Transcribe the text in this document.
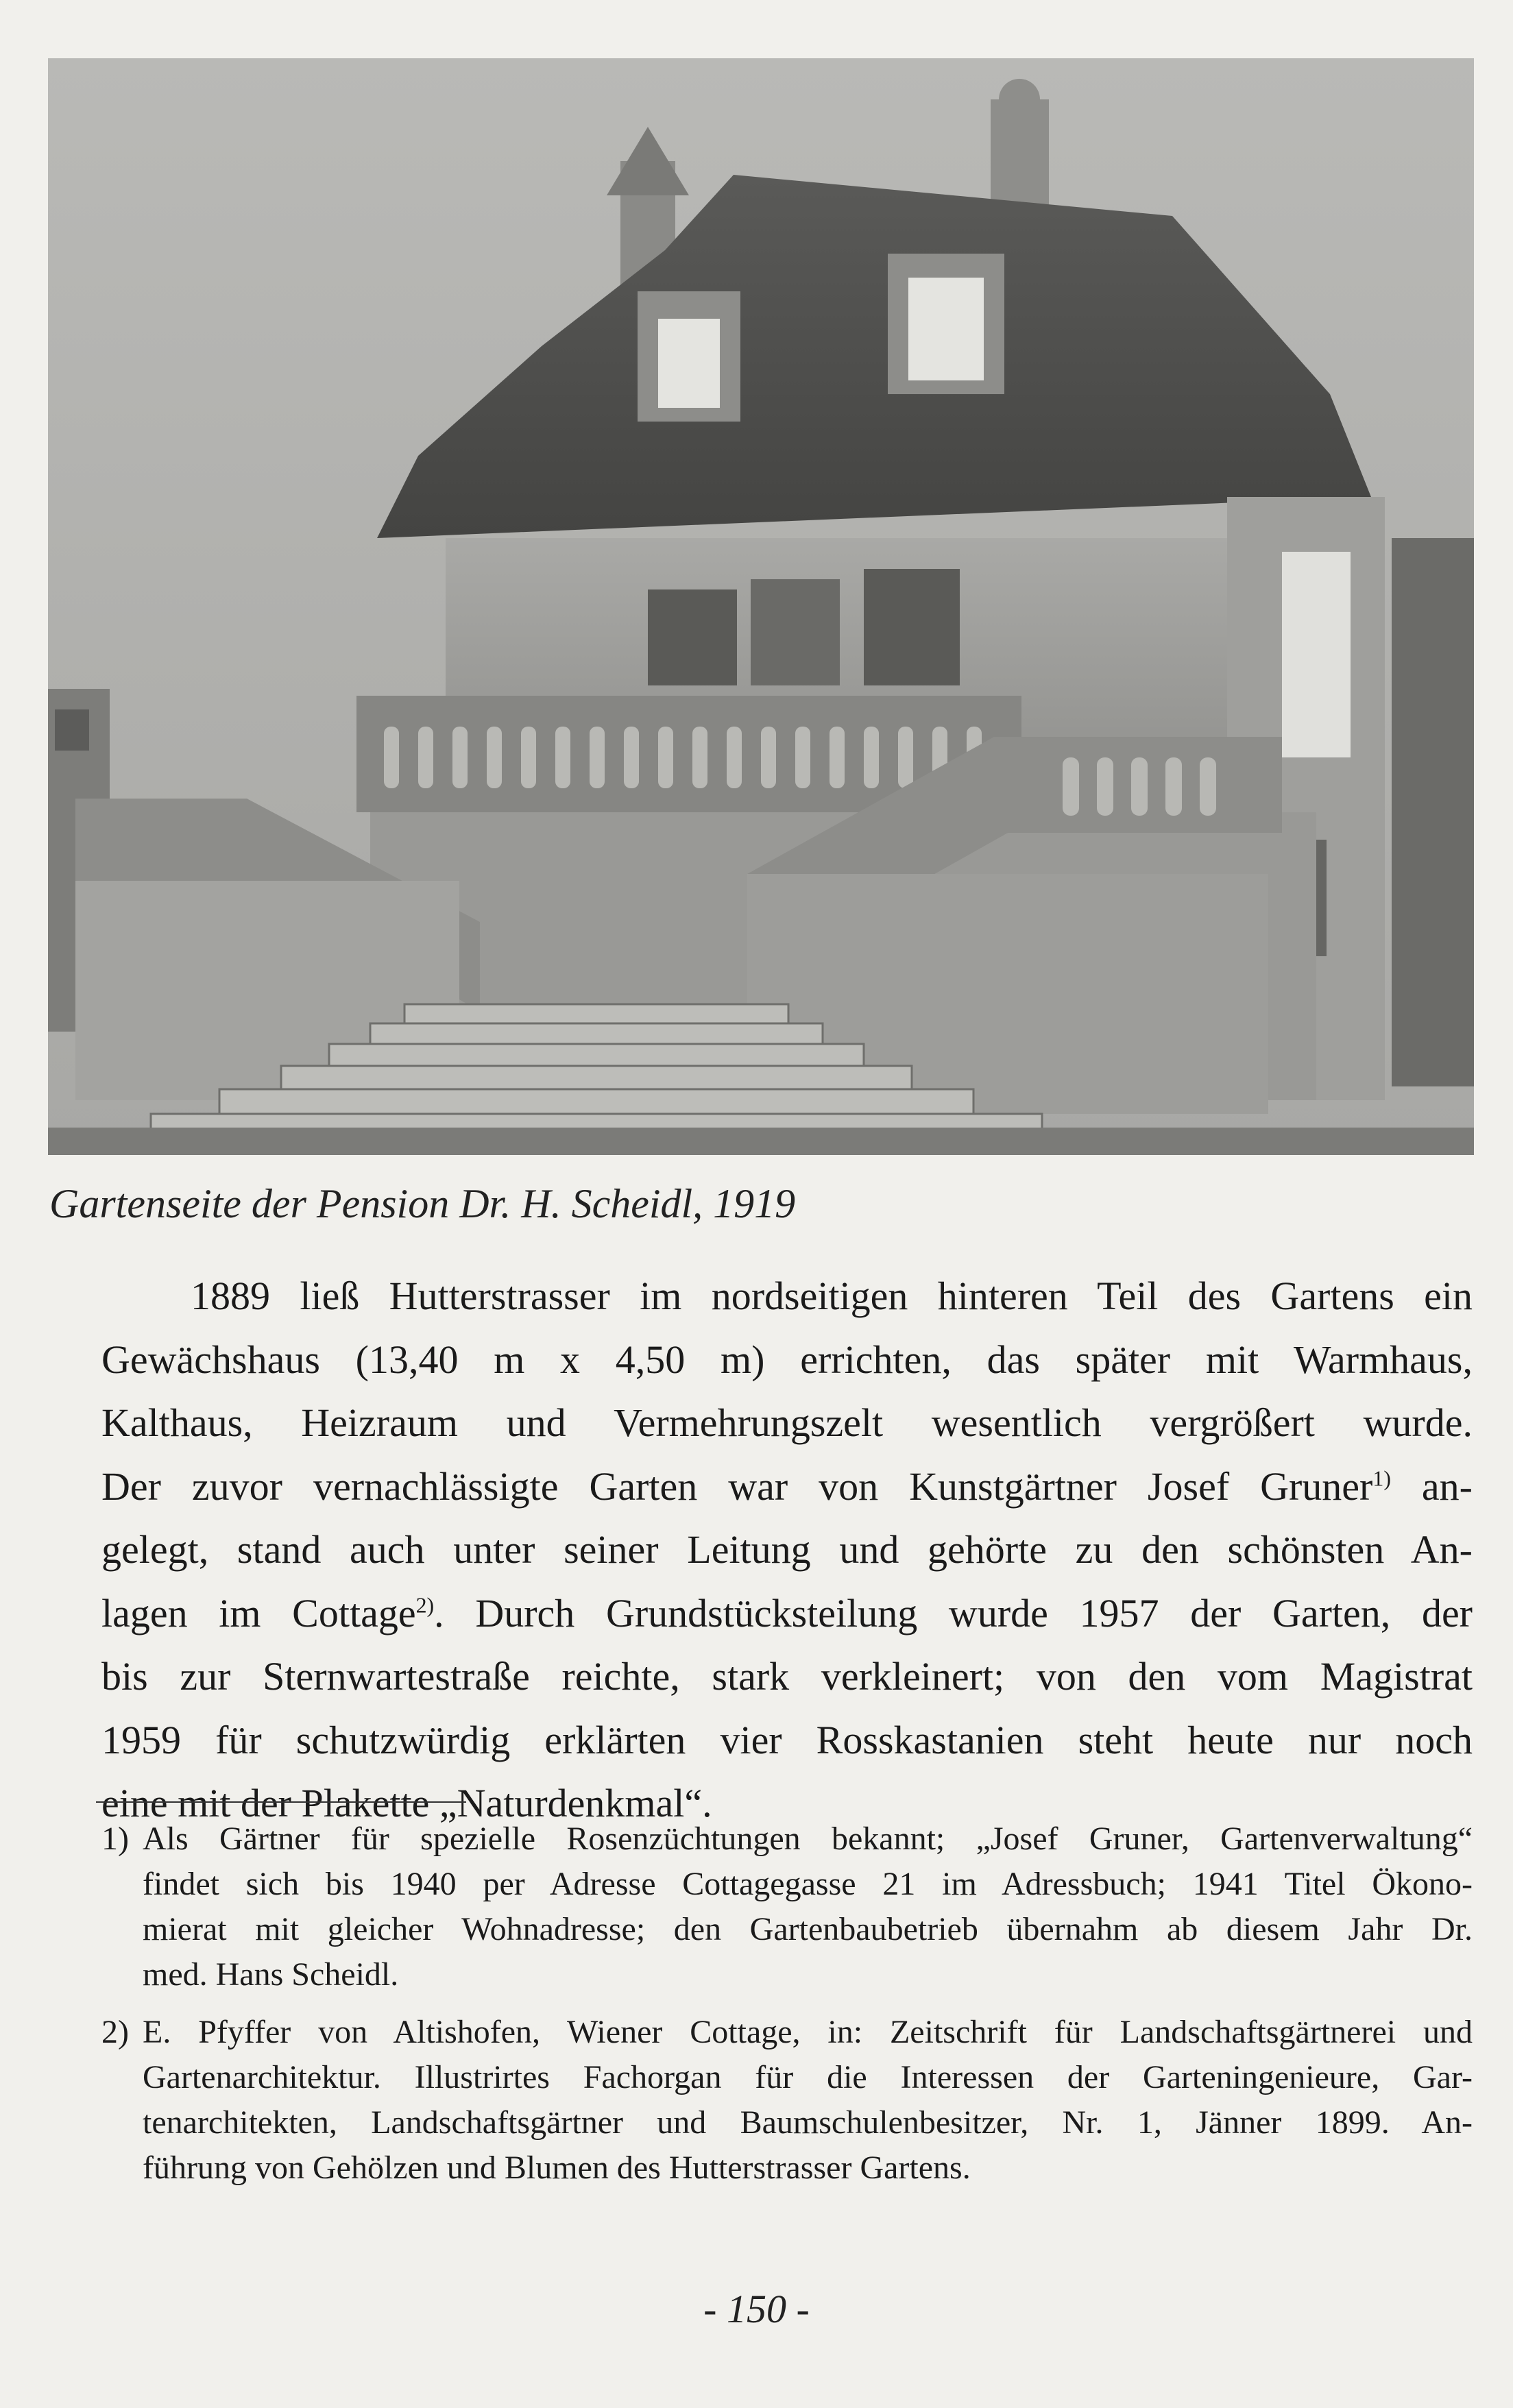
Gartenseite der Pension Dr. H. Scheidl, 1919
1889 ließ Hutterstrasser im nordseitigen hinteren Teil des Gartens ein
Gewächshaus (13,40 m x 4,50 m) errichten, das später mit Warmhaus,
Kalthaus, Heizraum und Vermehrungszelt wesentlich vergrößert wurde.
Der zuvor vernachlässigte Garten war von Kunstgärtner Josef Gruner$^{1)}$ an-
gelegt, stand auch unter seiner Leitung und gehörte zu den schönsten An-
lagen im Cottage$^{2)}$. Durch Grundstücksteilung wurde 1957 der Garten, der
bis zur Sternwartestraße reichte, stark verkleinert; von den vom Magistrat
1959 für schutzwürdig erklärten vier Rosskastanien steht heute nur noch
eine mit der Plakette „Naturdenkmal“.
1) Als Gärtner für spezielle Rosenzüchtungen bekannt; „Josef Gruner, Gartenverwaltung“
findet sich bis 1940 per Adresse Cottagegasse 21 im Adressbuch; 1941 Titel Ökono-
mierat mit gleicher Wohnadresse; den Gartenbaubetrieb übernahm ab diesem Jahr Dr.
med. Hans Scheidl.
2) E. Pfyffer von Altishofen, Wiener Cottage, in: Zeitschrift für Landschaftsgärtnerei und
Gartenarchitektur. Illustrirtes Fachorgan für die Interessen der Garteningenieure, Gar-
tenarchitekten, Landschaftsgärtner und Baumschulenbesitzer, Nr. 1, Jänner 1899. An-
führung von Gehölzen und Blumen des Hutterstrasser Gartens.
- 150 -
